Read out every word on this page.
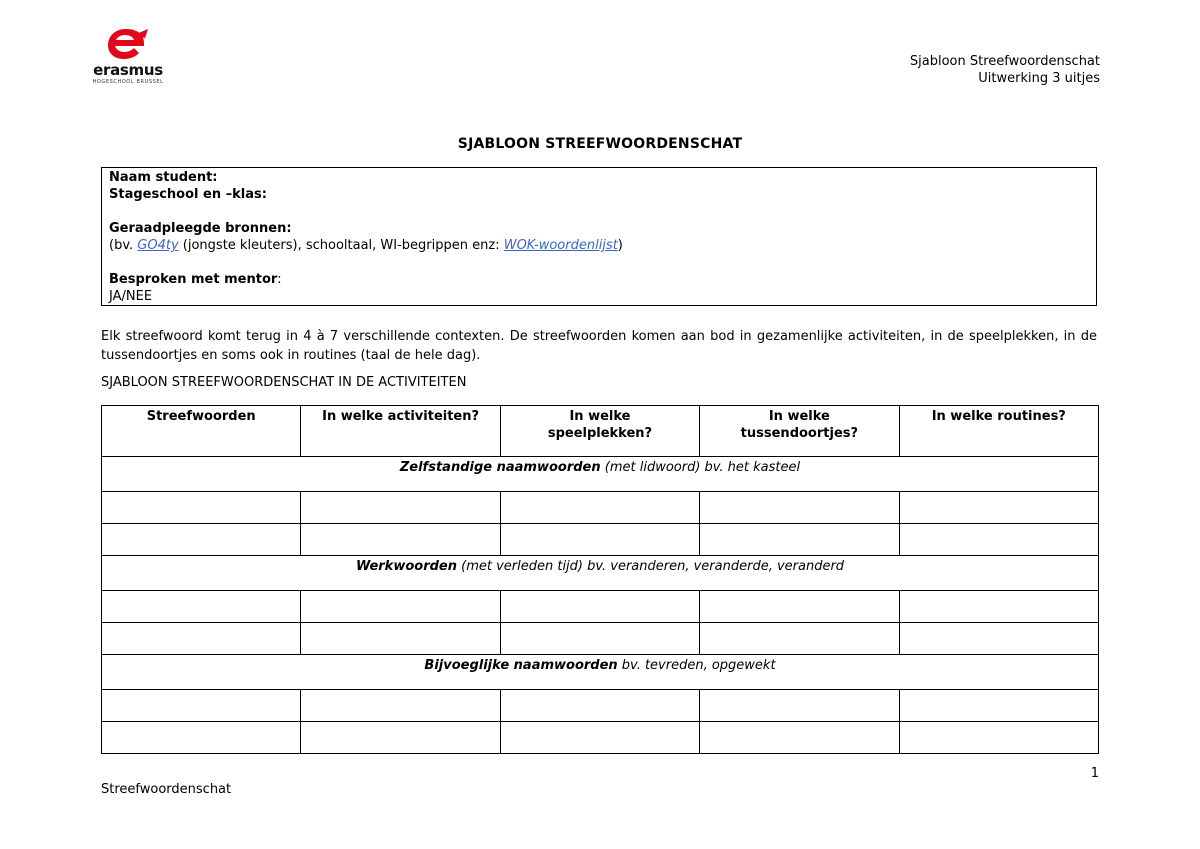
erasmus
HOGESCHOOL BRUSSEL
Sjabloon Streefwoordenschat
Uitwerking 3 uitjes
SJABLOON STREEFWOORDENSCHAT
Naam student:
Stageschool en –klas:
Geraadpleegde bronnen:
(bv. GO4ty (jongste kleuters), schooltaal, WI-begrippen enz: WOK-woordenlijst)
Besproken met mentor:
JA/NEE
Elk streefwoord komt terug in 4 à 7 verschillende contexten. De streefwoorden komen aan bod in gezamenlijke activiteiten, in de speelplekken, in de tussendoortjes en soms ook in routines (taal de hele dag).
SJABLOON STREEFWOORDENSCHAT IN DE ACTIVITEITEN
Streefwoorden	In welke activiteiten?	In welke speelplekken?	In welke tussendoortjes?	In welke routines?
Zelfstandige naamwoorden (met lidwoord) bv. het kasteel				

Werkwoorden (met verleden tijd) bv. veranderen, veranderde, veranderd				

Bijvoeglijke naamwoorden bv. tevreden, opgewekt				

1
Streefwoordenschat
